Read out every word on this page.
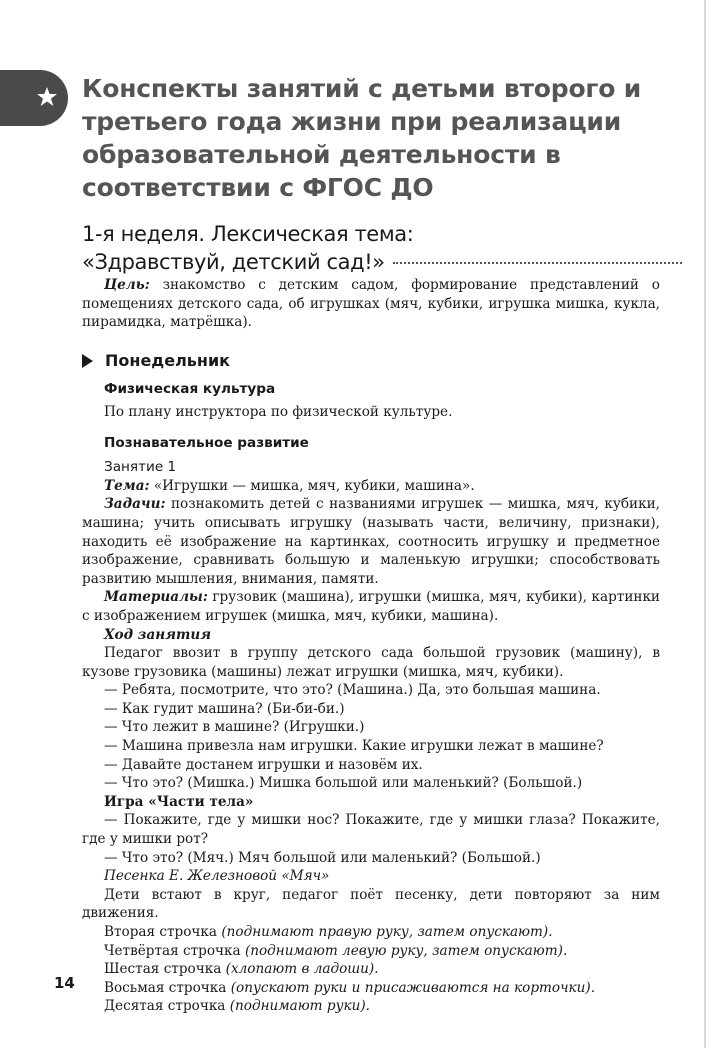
Конспекты занятий с детьми второго и третьего года жизни при реализации образовательной деятельности в соответствии с ФГОС ДО
1-я неделя. Лексическая тема:
«Здравствуй, детский сад!»

Цель: знакомство с детским садом, формирование представлений о помещениях детского сада, об игрушках (мяч, кубики, игрушка мишка, кукла, пирамидка, матрёшка).

Понедельник
Физическая культура

По плану инструктора по физической культуре.

Познавательное развитие
Занятие 1

Тема: «Игрушки — мишка, мяч, кубики, машина».

Задачи: познакомить детей с названиями игрушек — мишка, мяч, кубики, машина; учить описывать игрушку (называть части, величину, признаки), находить её изображение на картинках, соотносить игрушку и предметное изображение, сравнивать большую и маленькую игрушки; способствовать развитию мышления, внимания, памяти.

Материалы: грузовик (машина), игрушки (мишка, мяч, кубики), картинки с изображением игрушек (мишка, мяч, кубики, машина).

Ход занятия

Педагог ввозит в группу детского сада большой грузовик (машину), в кузове грузовика (машины) лежат игрушки (мишка, мяч, кубики).

— Ребята, посмотрите, что это? (Машина.) Да, это большая машина.

— Как гудит машина? (Би-би-би.)

— Что лежит в машине? (Игрушки.)

— Машина привезла нам игрушки. Какие игрушки лежат в машине?

— Давайте достанем игрушки и назовём их.

— Что это? (Мишка.) Мишка большой или маленький? (Большой.)

Игра «Части тела»

— Покажите, где у мишки нос? Покажите, где у мишки глаза? Покажите, где у мишки рот?

— Что это? (Мяч.) Мяч большой или маленький? (Большой.)

Песенка Е. Железновой «Мяч»

Дети встают в круг, педагог поёт песенку, дети повторяют за ним движения.

Вторая строчка (поднимают правую руку, затем опускают).

Четвёртая строчка (поднимают левую руку, затем опускают).

Шестая строчка (хлопают в ладоши).

Восьмая строчка (опускают руки и присаживаются на корточки).

Десятая строчка (поднимают руки).

14
